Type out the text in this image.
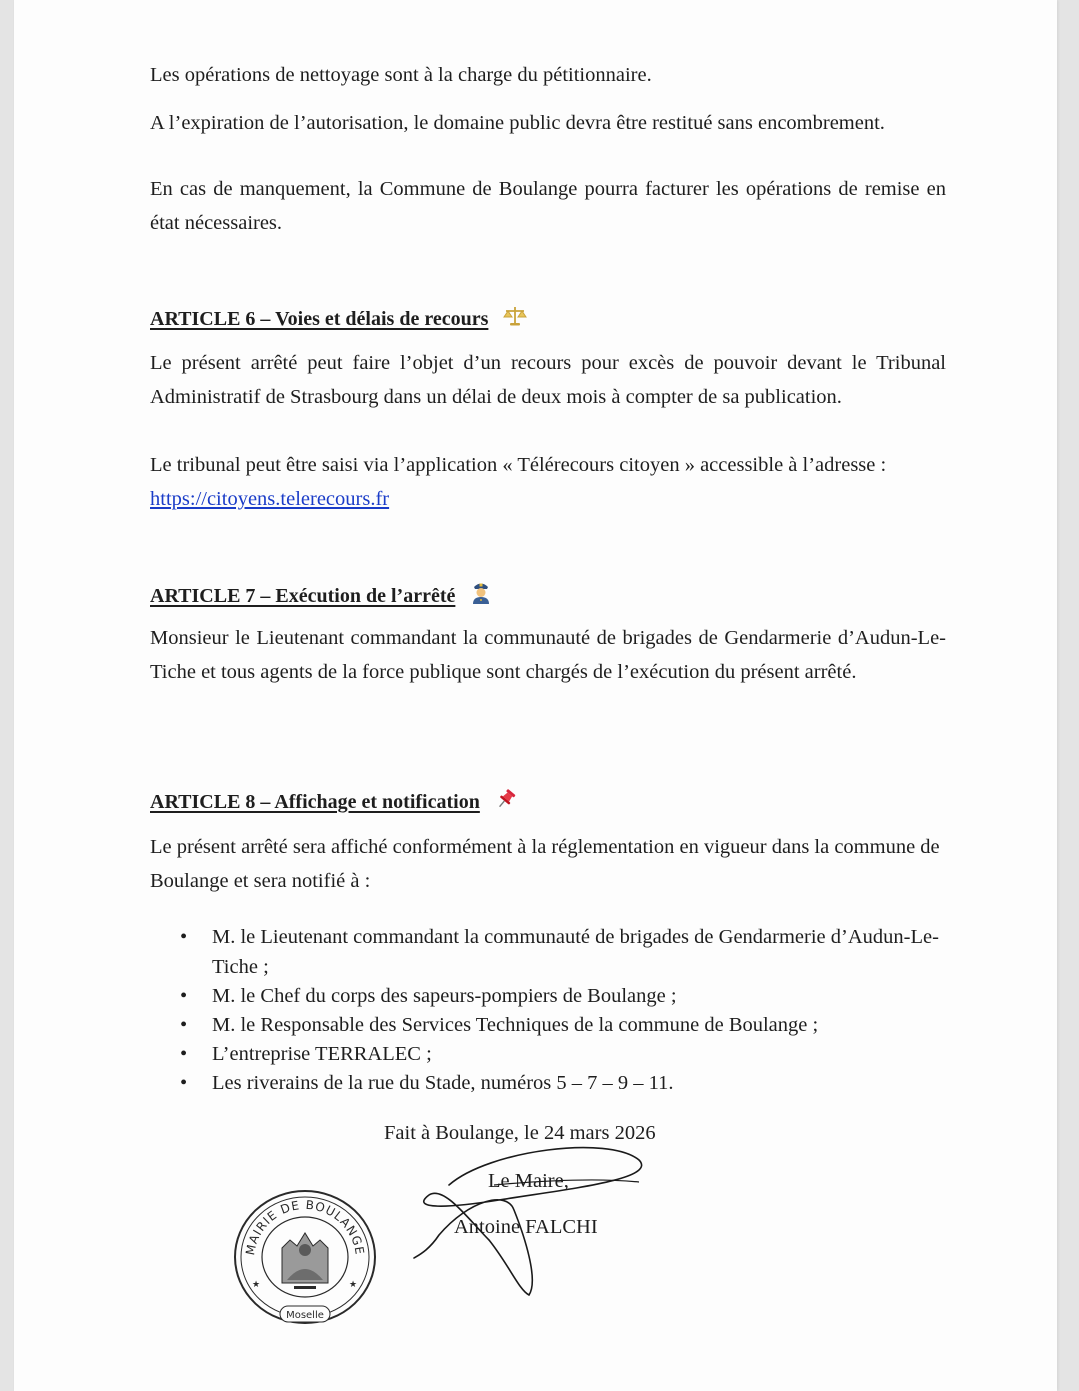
Les opérations de nettoyage sont à la charge du pétitionnaire.

A l’expiration de l’autorisation, le domaine public devra être restitué sans encombrement.

En cas de manquement, la Commune de Boulange pourra facturer les opérations de remise en état nécessaires.

ARTICLE 6 – Voies et délais de recours

Le présent arrêté peut faire l’objet d’un recours pour excès de pouvoir devant le Tribunal Administratif de Strasbourg dans un délai de deux mois à compter de sa publication.

Le tribunal peut être saisi via l’application « Télérecours citoyen » accessible à l’adresse : https://citoyens.telerecours.fr

ARTICLE 7 – Exécution de l’arrêté

Monsieur le Lieutenant commandant la communauté de brigades de Gendarmerie d’Audun-Le-Tiche et tous agents de la force publique sont chargés de l’exécution du présent arrêté.

ARTICLE 8 – Affichage et notification

Le présent arrêté sera affiché conformément à la réglementation en vigueur dans la commune de Boulange et sera notifié à :

• M. le Lieutenant commandant la communauté de brigades de Gendarmerie d’Audun-Le-Tiche ;
• M. le Chef du corps des sapeurs-pompiers de Boulange ;
• M. le Responsable des Services Techniques de la commune de Boulange ;
• L’entreprise TERRALEC ;
• Les riverains de la rue du Stade, numéros 5 – 7 – 9 – 11.
Fait à Boulange, le 24 mars 2026
Le Maire,
Antoine FALCHI
MAIRIE DE BOULANGE
Moselle
★	★
